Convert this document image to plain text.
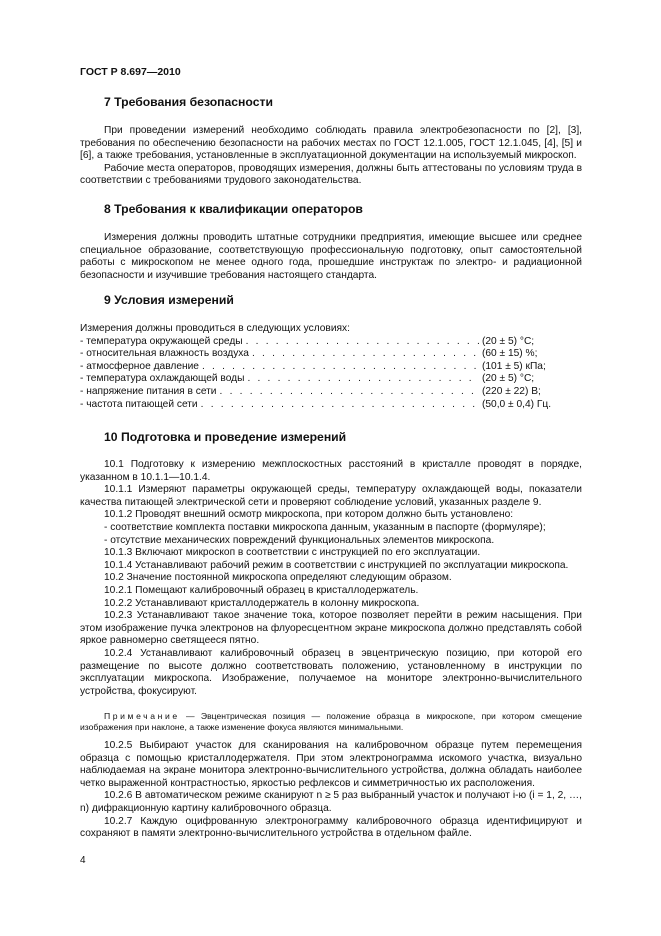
ГОСТ Р 8.697—2010
7 Требования безопасности

При проведении измерений необходимо соблюдать правила электробезопасности по [2], [3], требования по обеспечению безопасности на рабочих местах по ГОСТ 12.1.005, ГОСТ 12.1.045, [4], [5] и [6], а также требования, установленные в эксплуатационной документации на используемый микроскоп.

Рабочие места операторов, проводящих измерения, должны быть аттестованы по условиям труда в соответствии с требованиями трудового законодательства.

8 Требования к квалификации операторов

Измерения должны проводить штатные сотрудники предприятия, имеющие высшее или среднее специальное образование, соответствующую профессиональную подготовку, опыт самостоятельной работы с микроскопом не менее одного года, прошедшие инструктаж по электро- и радиационной безопасности и изучившие требования настоящего стандарта.

9 Условия измерений
Измерения должны проводиться в следующих условиях:
- температура окружающей среды . . .	(20 ± 5) °С;
- относительная влажность воздуха . . .	(60 ± 15) %;
- атмосферное давление . . .	(101 ± 5) кПа;
- температура охлаждающей воды . . .	(20 ± 5) °С;
- напряжение питания в сети . . .	(220 ± 22) В;
- частота питающей сети . . .	(50,0 ± 0,4) Гц.
10 Подготовка и проведение измерений

10.1 Подготовку к измерению межплоскостных расстояний в кристалле проводят в порядке, указанном в 10.1.1—10.1.4.

10.1.1 Измеряют параметры окружающей среды, температуру охлаждающей воды, показатели качества питающей электрической сети и проверяют соблюдение условий, указанных разделе 9.

10.1.2 Проводят внешний осмотр микроскопа, при котором должно быть установлено:

- соответствие комплекта поставки микроскопа данным, указанным в паспорте (формуляре);

- отсутствие механических повреждений функциональных элементов микроскопа.

10.1.3 Включают микроскоп в соответствии с инструкцией по его эксплуатации.

10.1.4 Устанавливают рабочий режим в соответствии с инструкцией по эксплуатации микроскопа.

10.2 Значение постоянной микроскопа определяют следующим образом.

10.2.1 Помещают калибровочный образец в кристаллодержатель.

10.2.2 Устанавливают кристаллодержатель в колонну микроскопа.

10.2.3 Устанавливают такое значение тока, которое позволяет перейти в режим насыщения. При этом изображение пучка электронов на флуоресцентном экране микроскопа должно представлять собой яркое равномерно светящееся пятно.

10.2.4 Устанавливают калибровочный образец в эвцентрическую позицию, при которой его размещение по высоте должно соответствовать положению, установленному в инструкции по эксплуатации микроскопа. Изображение, получаемое на мониторе электронно-вычислительного устройства, фокусируют.

Примечание — Эвцентрическая позиция — положение образца в микроскопе, при котором смещение изображения при наклоне, а также изменение фокуса являются минимальными.

10.2.5 Выбирают участок для сканирования на калибровочном образце путем перемещения образца с помощью кристаллодержателя. При этом электронограмма искомого участка, визуально наблюдаемая на экране монитора электронно-вычислительного устройства, должна обладать наиболее четко выраженной контрастностью, яркостью рефлексов и симметричностью их расположения.

10.2.6 В автоматическом режиме сканируют n ≥ 5 раз выбранный участок и получают i-ю (i = 1, 2, …, n) дифракционную картину калибровочного образца.

10.2.7 Каждую оцифрованную электронограмму калибровочного образца идентифицируют и сохраняют в памяти электронно-вычислительного устройства в отдельном файле.

4
